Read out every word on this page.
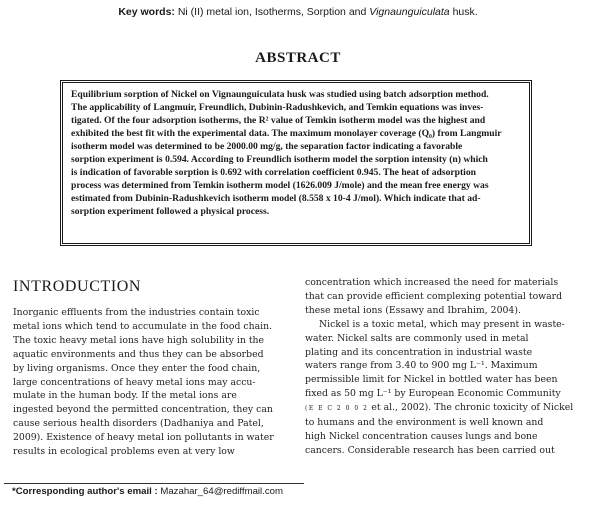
Key words: Ni (II) metal ion, Isotherms, Sorption and Vignaunguiculata husk.
ABSTRACT
Equilibrium sorption of Nickel on Vignaunguiculata husk was studied using batch adsorption method.
The applicability of Langmuir, Freundlich, Dubinin-Radushkevich, and Temkin equations was inves-
tigated. Of the four adsorption isotherms, the R² value of Temkin isotherm model was the highest and
exhibited the best fit with the experimental data. The maximum monolayer coverage (Q₀) from Langmuir
isotherm model was determined to be 2000.00 mg/g, the separation factor indicating a favorable
sorption experiment is 0.594. According to Freundlich isotherm model the sorption intensity (n) which
is indication of favorable sorption is 0.692 with correlation coefficient 0.945. The heat of adsorption
process was determined from Temkin isotherm model (1626.009 J/mole) and the mean free energy was
estimated from Dubinin-Radushkevich isotherm model (8.558 x 10-4 J/mol). Which indicate that ad-
sorption experiment followed a physical process.
INTRODUCTION
Inorganic effluents from the industries contain toxic
metal ions which tend to accumulate in the food chain.
The toxic heavy metal ions have high solubility in the
aquatic environments and thus they can be absorbed
by living organisms. Once they enter the food chain,
large concentrations of heavy metal ions may accu-
mulate in the human body. If the metal ions are
ingested beyond the permitted concentration, they can
cause serious health disorders (Dadhaniya and Patel,
2009). Existence of heavy metal ion pollutants in water
results in ecological problems even at very low
concentration which increased the need for materials
that can provide efficient complexing potential toward
these metal ions (Essawy and Ibrahim, 2004).
Nickel is a toxic metal, which may present in waste-
water. Nickel salts are commonly used in metal
plating and its concentration in industrial waste
waters range from 3.40 to 900 mg L⁻¹. Maximum
permissible limit for Nickel in bottled water has been
fixed as 50 mg L⁻¹ by European Economic Community
(E E C 2 0 0 2 et al., 2002). The chronic toxicity of Nickel
to humans and the environment is well known and
high Nickel concentration causes lungs and bone
cancers. Considerable research has been carried out
*Corresponding author's email : Mazahar_64@rediffmail.com
